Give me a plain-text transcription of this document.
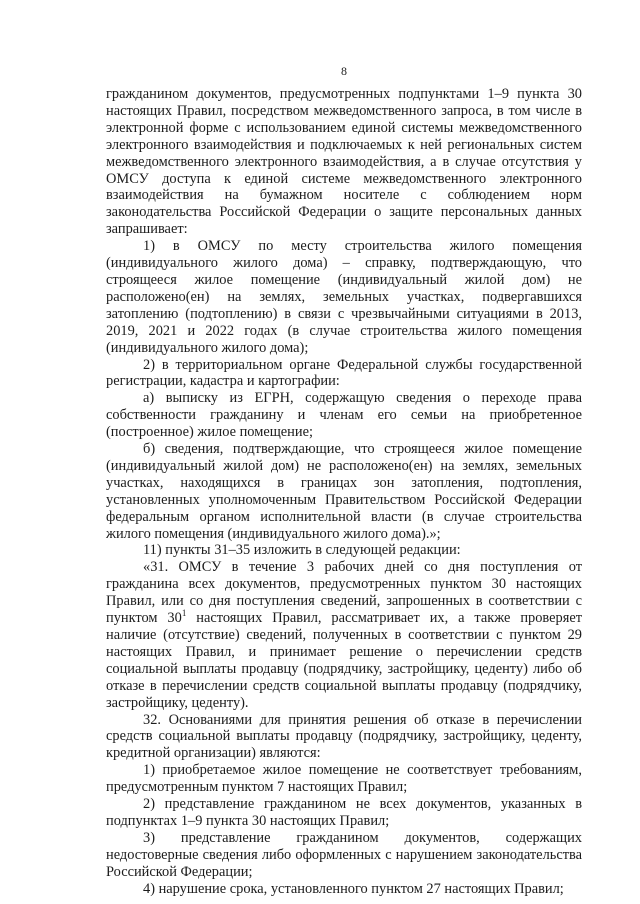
8

гражданином документов, предусмотренных подпунктами 1–9 пункта 30 настоящих Правил, посредством межведомственного запроса, в том числе в электронной форме с использованием единой системы межведомственного электронного взаимодействия и подключаемых к ней региональных систем межведомственного электронного взаимодействия, а в случае отсутствия у ОМСУ доступа к единой системе межведомственного электронного взаимодействия на бумажном носителе с соблюдением норм законодательства Российской Федерации о защите персональных данных запрашивает:

1) в ОМСУ по месту строительства жилого помещения (индивидуального жилого дома) – справку, подтверждающую, что строящееся жилое помещение (индивидуальный жилой дом) не расположено(ен) на землях, земельных участках, подвергавшихся затоплению (подтоплению) в связи с чрезвычайными ситуациями в 2013, 2019, 2021 и 2022 годах (в случае строительства жилого помещения (индивидуального жилого дома);

2) в территориальном органе Федеральной службы государственной регистрации, кадастра и картографии:

а) выписку из ЕГРН, содержащую сведения о переходе права собственности гражданину и членам его семьи на приобретенное (построенное) жилое помещение;

б) сведения, подтверждающие, что строящееся жилое помещение (индивидуальный жилой дом) не расположено(ен) на землях, земельных участках, находящихся в границах зон затопления, подтопления, установленных уполномоченным Правительством Российской Федерации федеральным органом исполнительной власти (в случае строительства жилого помещения (индивидуального жилого дома).»;

11) пункты 31–35 изложить в следующей редакции:

«31. ОМСУ в течение 3 рабочих дней со дня поступления от гражданина всех документов, предусмотренных пунктом 30 настоящих Правил, или со дня поступления сведений, запрошенных в соответствии с пунктом $30^1$ настоящих Правил, рассматривает их, а также проверяет наличие (отсутствие) сведений, полученных в соответствии с пунктом 29 настоящих Правил, и принимает решение о перечислении средств социальной выплаты продавцу (подрядчику, застройщику, цеденту) либо об отказе в перечислении средств социальной выплаты продавцу (подрядчику, застройщику, цеденту).

32. Основаниями для принятия решения об отказе в перечислении средств социальной выплаты продавцу (подрядчику, застройщику, цеденту, кредитной организации) являются:

1) приобретаемое жилое помещение не соответствует требованиям, предусмотренным пунктом 7 настоящих Правил;

2) представление гражданином не всех документов, указанных в подпунктах 1–9 пункта 30 настоящих Правил;

3) представление гражданином документов, содержащих недостоверные сведения либо оформленных с нарушением законодательства Российской Федерации;

4) нарушение срока, установленного пунктом 27 настоящих Правил;
